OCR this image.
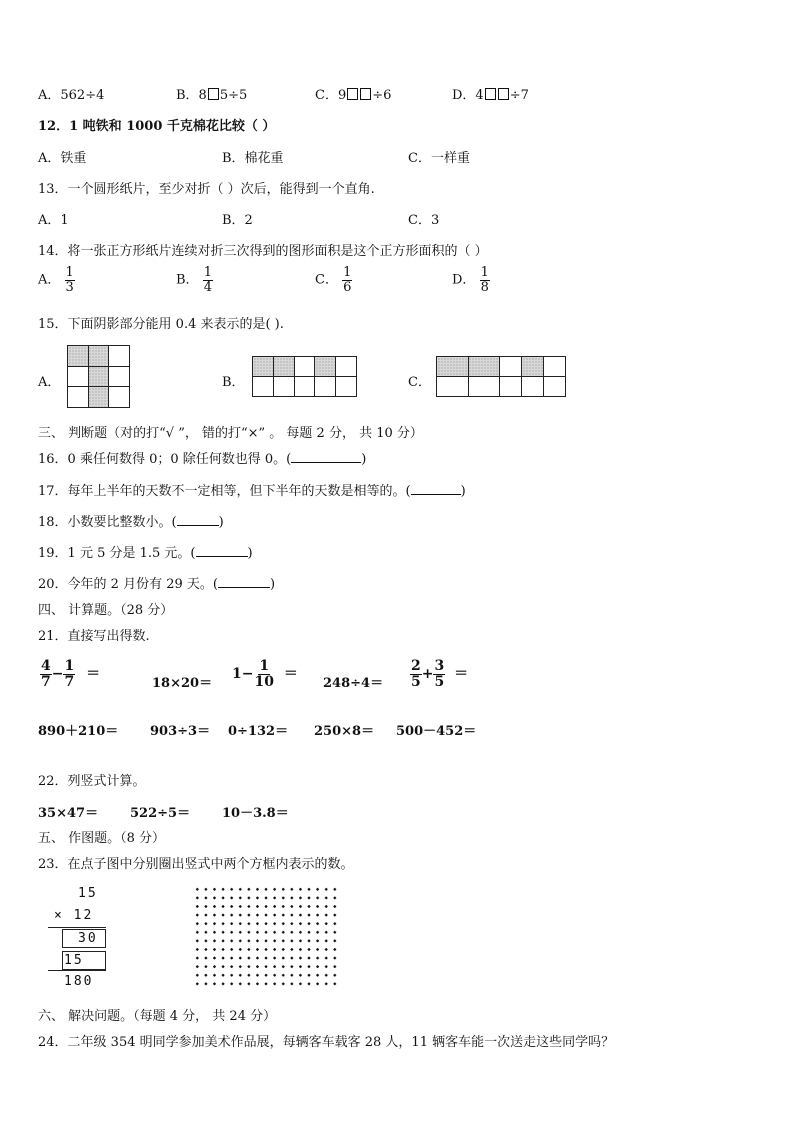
A．562÷4	B．8 5÷5	C．9 ÷6	D．4 ÷7
12．1 吨铁和 1000 千克棉花比较（ ）
A．铁重	B．棉花重	C．一样重
13．一个圆形纸片，至少对折（ ）次后，能得到一个直角.
A．1	B．2	C．3
14．将一张正方形纸片连续对折三次得到的图形面积是这个正方形面积的（ ）
A． $\frac{1}{3}$	B． $\frac{1}{4}$	C． $\frac{1}{6}$	D． $\frac{1}{8}$
15．下面阴影部分能用 0.4 来表示的是( ).
A．

			B．

					C．

三、 判断题（对的打“√ ”， 错的打“×” 。 每题 2 分， 共 10 分）
16．0 乘任何数得 0；0 除任何数也得 0。(	)
17．每年上半年的天数不一定相等，但下半年的天数是相等的。(	)
18．小数要比整数小。(	)
19．1 元 5 分是 1.5 元。(	)
20．今年的 2 月份有 29 天。(	)
四、 计算题。（28 分）
21．直接写出得数.
$\frac{4}{7} - \frac{1}{7}$ ＝
18×20＝
$1- \frac{1}{10}$ ＝
$248\div 4= \frac{2}{5} + \frac{3}{5}$ ＝
890＋210＝ 903÷3＝ 0÷132＝ 250×8＝ 500－452＝
22．列竖式计算。
35×47＝ 522÷5＝ 10－3.8＝
五、 作图题。（8 分）
23．在点子图中分别圈出竖式中两个方框内表示的数。
15
× 12
30
15
180
六、 解决问题。（每题 4 分， 共 24 分）
24．二年级 354 明同学参加美术作品展，每辆客车载客 28 人，11 辆客车能一次送走这些同学吗？
